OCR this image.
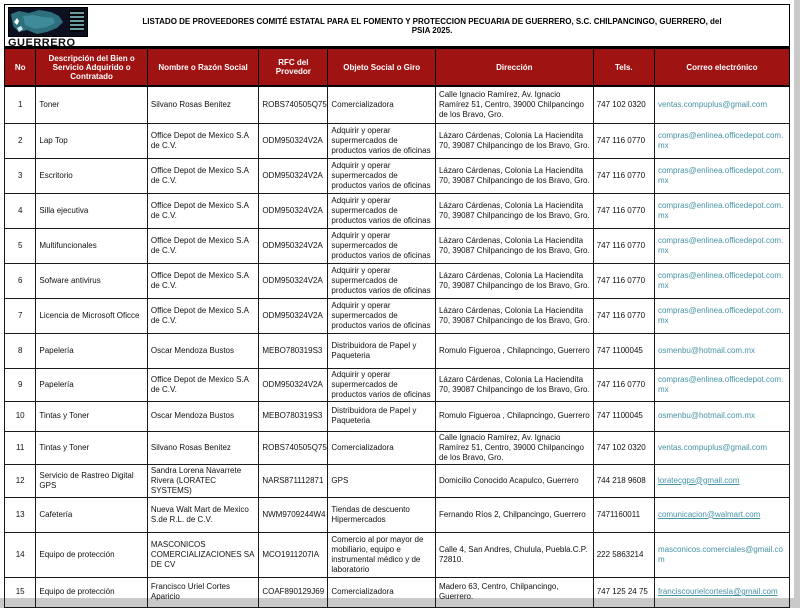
GUERRERO
LISTADO DE PROVEEDORES COMITÉ ESTATAL PARA EL FOMENTO Y PROTECCION PECUARIA DE GUERRERO, S.C. CHILPANCINGO, GUERRERO, del PSIA 2025.
No	Descripción del Bien o Servicio Adquirido o Contratado	Nombre o Razón Social	RFC del Provedor	Objeto Social o Giro	Dirección	Tels.	Correo electrónico
1	Toner	Silvano Rosas Benitez	ROBS740505Q75	Comercializadora	Calle Ignacio Ramírez, Av. Ignacio Ramírez 51, Centro, 39000 Chilpancingo de los Bravo, Gro.	747 102 0320	ventas.compuplus@gmail.com
2	Lap Top	Office Depot de Mexico S.A de C.V.	ODM950324V2A	Adquirir y operar supermercados de productos varios de oficinas	Lázaro Cárdenas, Colonia La Haciendita 70, 39087 Chilpancingo de los Bravo, Gro.	747 116 0770	compras@enlinea.officedepot.com.mx
3	Escritorio	Office Depot de Mexico S.A de C.V.	ODM950324V2A	Adquirir y operar supermercados de productos varios de oficinas	Lázaro Cárdenas, Colonia La Haciendita 70, 39087 Chilpancingo de los Bravo, Gro.	747 116 0770	compras@enlinea.officedepot.com.mx
4	Silla ejecutiva	Office Depot de Mexico S.A de C.V.	ODM950324V2A	Adquirir y operar supermercados de productos varios de oficinas	Lázaro Cárdenas, Colonia La Haciendita 70, 39087 Chilpancingo de los Bravo, Gro.	747 116 0770	compras@enlinea.officedepot.com.mx
5	Multifuncionales	Office Depot de Mexico S.A de C.V.	ODM950324V2A	Adquirir y operar supermercados de productos varios de oficinas	Lázaro Cárdenas, Colonia La Haciendita 70, 39087 Chilpancingo de los Bravo, Gro.	747 116 0770	compras@enlinea.officedepot.com.mx
6	Sofware antivirus	Office Depot de Mexico S.A de C.V.	ODM950324V2A	Adquirir y operar supermercados de productos varios de oficinas	Lázaro Cárdenas, Colonia La Haciendita 70, 39087 Chilpancingo de los Bravo, Gro.	747 116 0770	compras@enlinea.officedepot.com.mx
7	Licencia de Microsoft Oficce	Office Depot de Mexico S.A de C.V.	ODM950324V2A	Adquirir y operar supermercados de productos varios de oficinas	Lázaro Cárdenas, Colonia La Haciendita 70, 39087 Chilpancingo de los Bravo, Gro.	747 116 0770	compras@enlinea.officedepot.com.mx
8	Papelería	Oscar Mendoza Bustos	MEBO780319S3	Distribuidora de Papel y Paqueteria	Romulo Figueroa , Chilapncingo, Guerrero	747 1100045	osmenbu@hotmail.com.mx
9	Papelería	Office Depot de Mexico S.A de C.V.	ODM950324V2A	Adquirir y operar supermercados de productos varios de oficinas	Lázaro Cárdenas, Colonia La Haciendita 70, 39087 Chilpancingo de los Bravo, Gro.	747 116 0770	compras@enlinea.officedepot.com.mx
10	Tintas y Toner	Oscar Mendoza Bustos	MEBO780319S3	Distribuidora de Papel y Paqueteria	Romulo Figueroa , Chilapncingo, Guerrero	747 1100045	osmenbu@hotmail.com.mx
11	Tintas y Toner	Silvano Rosas Benitez	ROBS740505Q75	Comercializadora	Calle Ignacio Ramírez, Av. Ignacio Ramírez 51, Centro, 39000 Chilpancingo de los Bravo, Gro.	747 102 0320	ventas.compuplus@gmail.com
12	Servicio de Rastreo Digital GPS	Sandra Lorena Navarrete Rivera (LORATEC SYSTEMS)	NARS871112871	GPS	Domicilio Conocido Acapulco, Guerrero	744 218 9608	loratecgps@gmail.com
13	Cafetería	Nueva Walt Mart de Mexico S.de R.L. de C.V.	NWM9709244W4	Tiendas de descuento Hipermercados	Fernando Ríos 2, Chilpancingo, Guerrero	7471160011	comunicacion@walmart.com
14	Equipo de protección	MASCONICOS COMERCIALIZACIONES SA DE CV	MCO1911207IA	Comercio al por mayor de mobiliario, equipo e instrumental médico y de laboratorio	Calle 4, San Andres, Chulula, Puebla.C.P. 72810.	222 5863214	masconicos.comerciales@gmail.com
15	Equipo de protección	Francisco Uriel Cortes Aparicio	COAF890129J69	Comercializadora	Madero 63, Centro, Chilpancingo, Guerrero.	747 125 24 75	franciscourielcortesla@gmail.com
